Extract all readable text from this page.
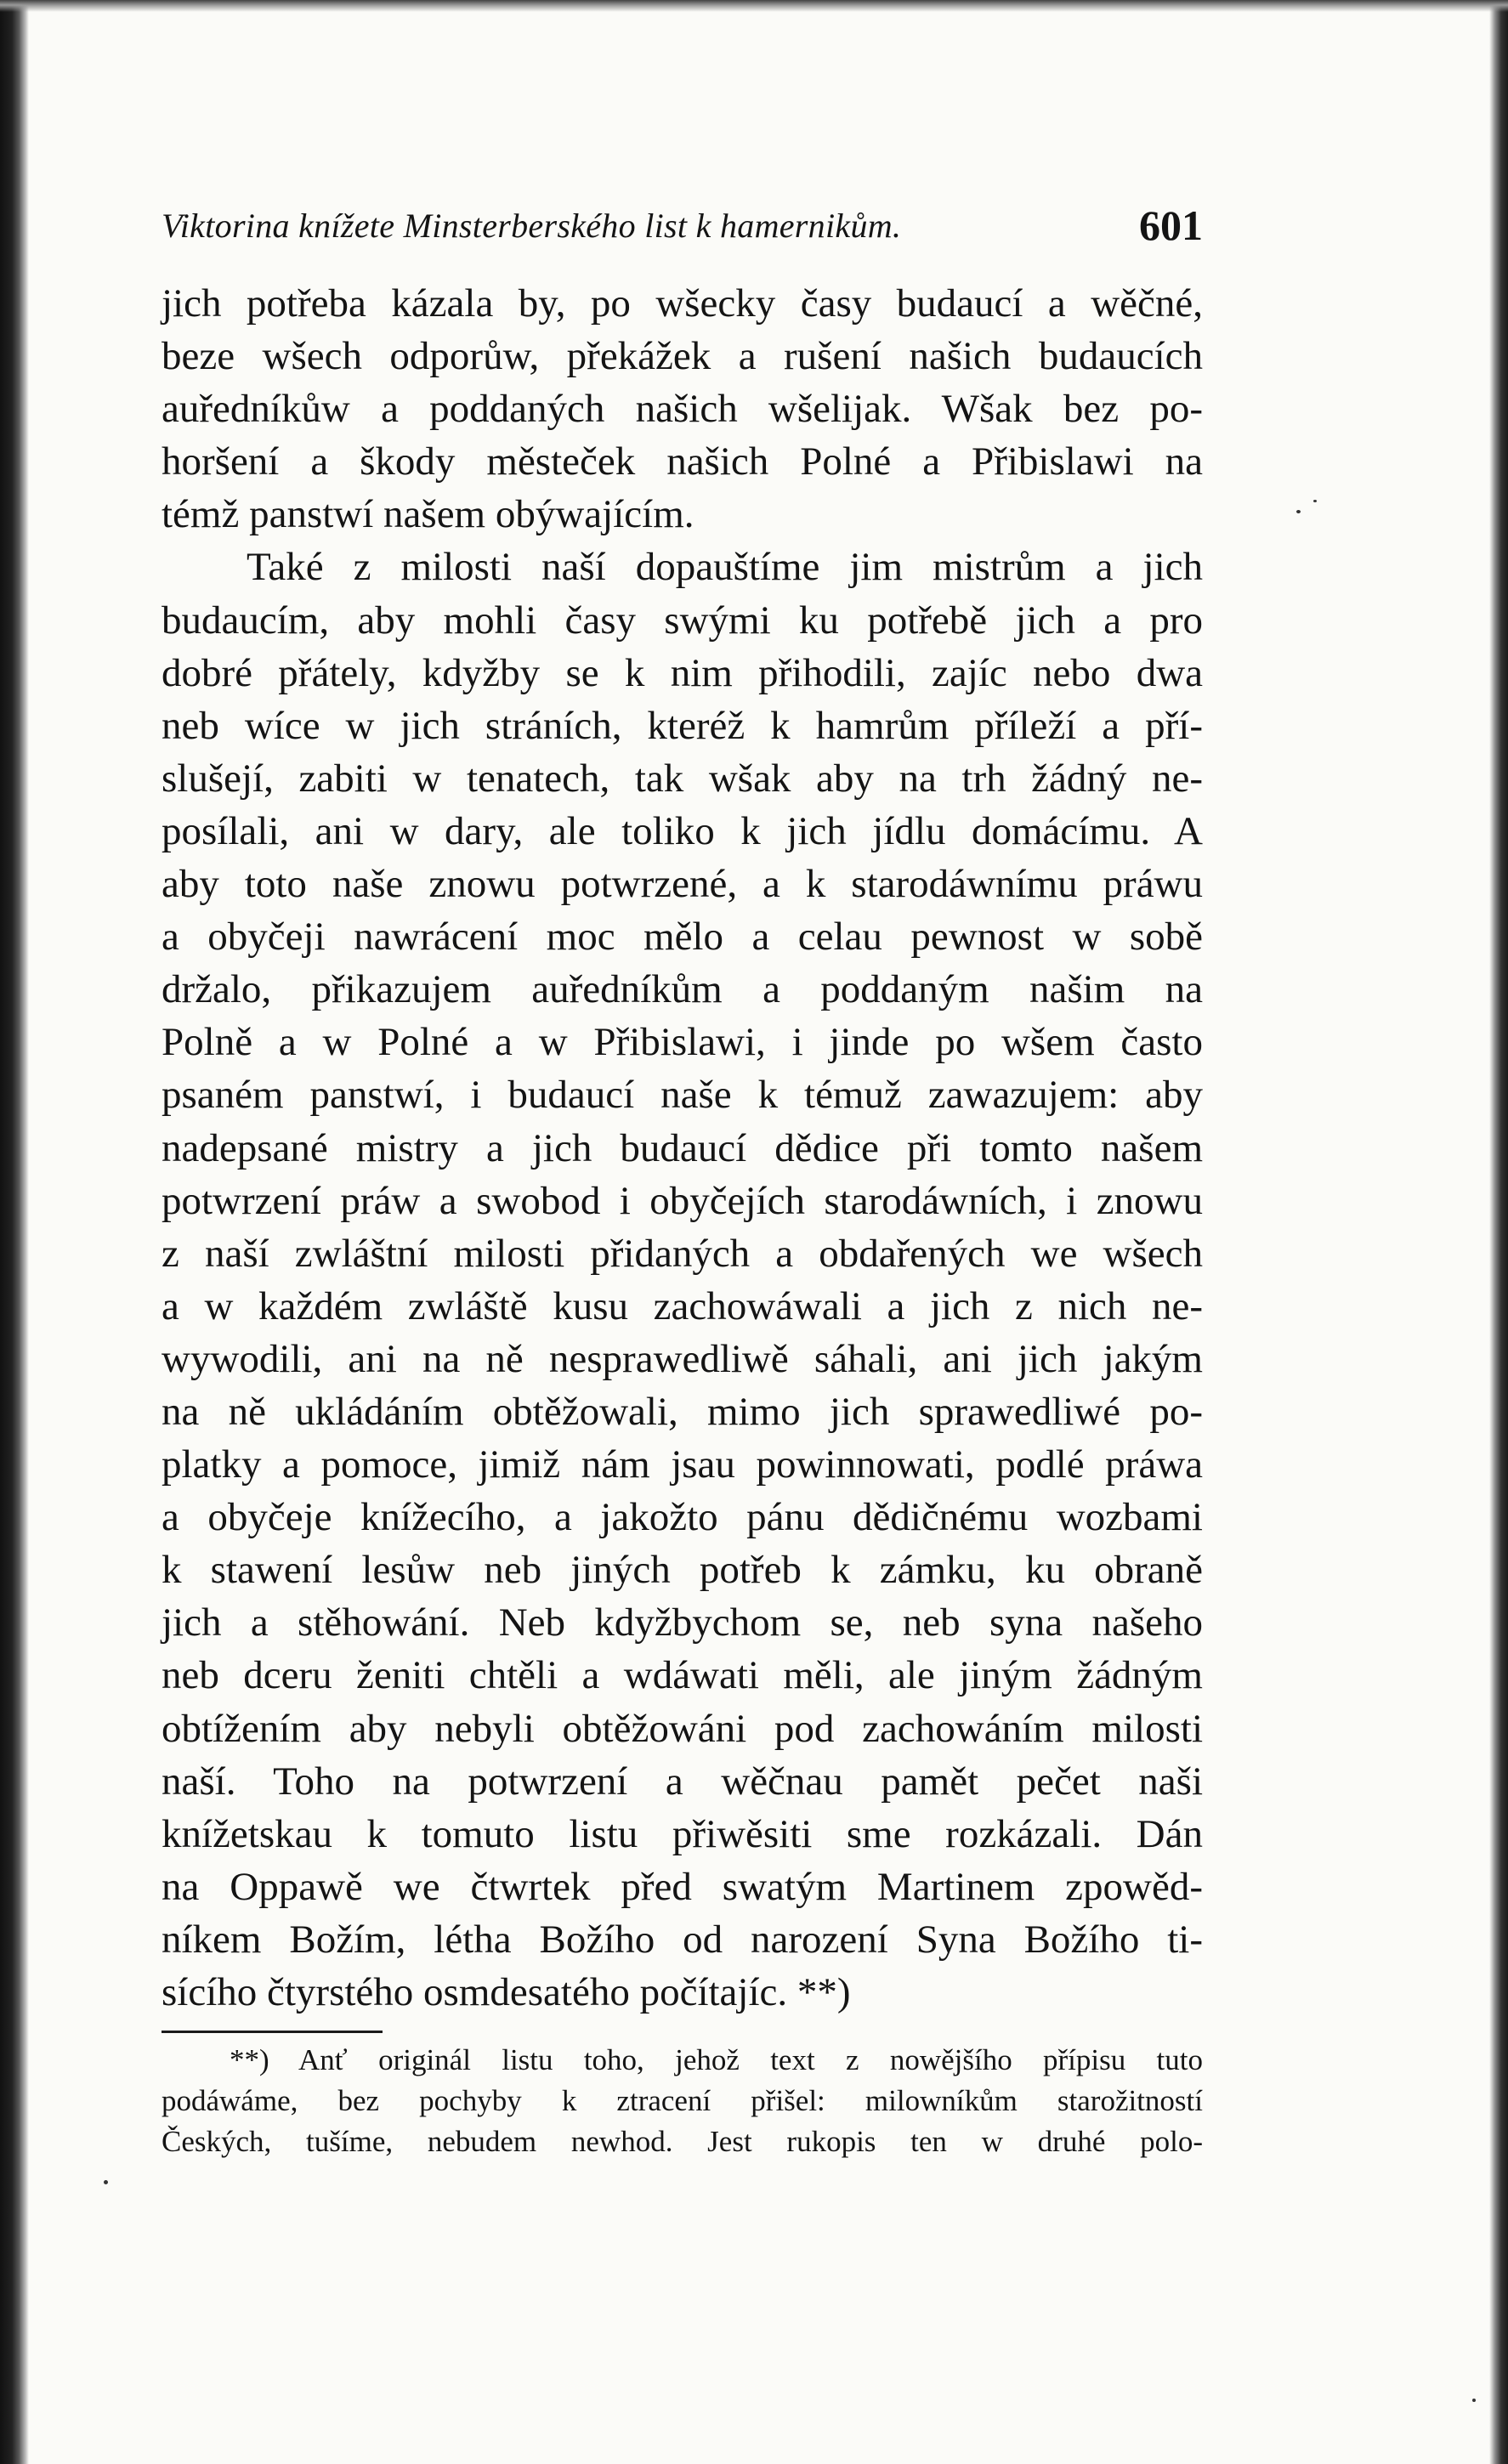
Viktorina knížete Minsterberského list k hamernikům.	601
jich potřeba kázala by, po wšecky časy budaucí a wěčné,
beze wšech odporůw, překážek a rušení našich budaucích
auředníkůw a poddaných našich wšelijak. Wšak bez po-
horšení a škody městeček našich Polné a Přibislawi na
témž panstwí našem obýwajícím.
Také z milosti naší dopauštíme jim mistrům a jich
budaucím, aby mohli časy swými ku potřebě jich a pro
dobré přátely, kdyžby se k nim přihodili, zajíc nebo dwa
neb wíce w jich stráních, kteréž k hamrům příleží a pří-
slušejí, zabiti w tenatech, tak wšak aby na trh žádný ne-
posílali, ani w dary, ale toliko k jich jídlu domácímu. A
aby toto naše znowu potwrzené, a k starodáwnímu práwu
a obyčeji nawrácení moc mělo a celau pewnost w sobě
držalo, přikazujem auředníkům a poddaným našim na
Polně a w Polné a w Přibislawi, i jinde po wšem často
psaném panstwí, i budaucí naše k témuž zawazujem: aby
nadepsané mistry a jich budaucí dědice při tomto našem
potwrzení práw a swobod i obyčejích starodáwních, i znowu
z naší zwláštní milosti přidaných a obdařených we wšech
a w každém zwláště kusu zachowáwali a jich z nich ne-
wywodili, ani na ně nesprawedliwě sáhali, ani jich jakým
na ně ukládáním obtěžowali, mimo jich sprawedliwé po-
platky a pomoce, jimiž nám jsau powinnowati, podlé práwa
a obyčeje knížecího, a jakožto pánu dědičnému wozbami
k stawení lesůw neb jiných potřeb k zámku, ku obraně
jich a stěhowání. Neb kdyžbychom se, neb syna našeho
neb dceru ženiti chtěli a wdáwati měli, ale jiným žádným
obtížením aby nebyli obtěžowáni pod zachowáním milosti
naší. Toho na potwrzení a wěčnau pamět pečet naši
knížetskau k tomuto listu přiwěsiti sme rozkázali. Dán
na Oppawě we čtwrtek před swatým Martinem zpowěd-
níkem Božím, létha Božího od narození Syna Božího ti-
sícího čtyrstého osmdesatého počítajíc. **)
**) Anť originál listu toho, jehož text z nowějšího přípisu tuto
podáwáme, bez pochyby k ztracení přišel: milowníkům starožitností
Českých, tušíme, nebudem newhod. Jest rukopis ten w druhé polo-
